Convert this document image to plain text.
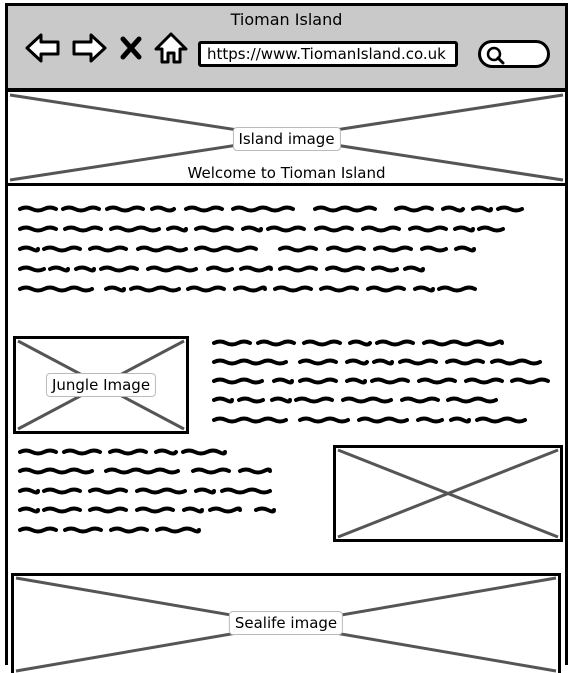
Tioman Island
https://www.TiomanIsland.co.uk
Island image
Welcome to Tioman Island
Jungle Image
Sealife image
